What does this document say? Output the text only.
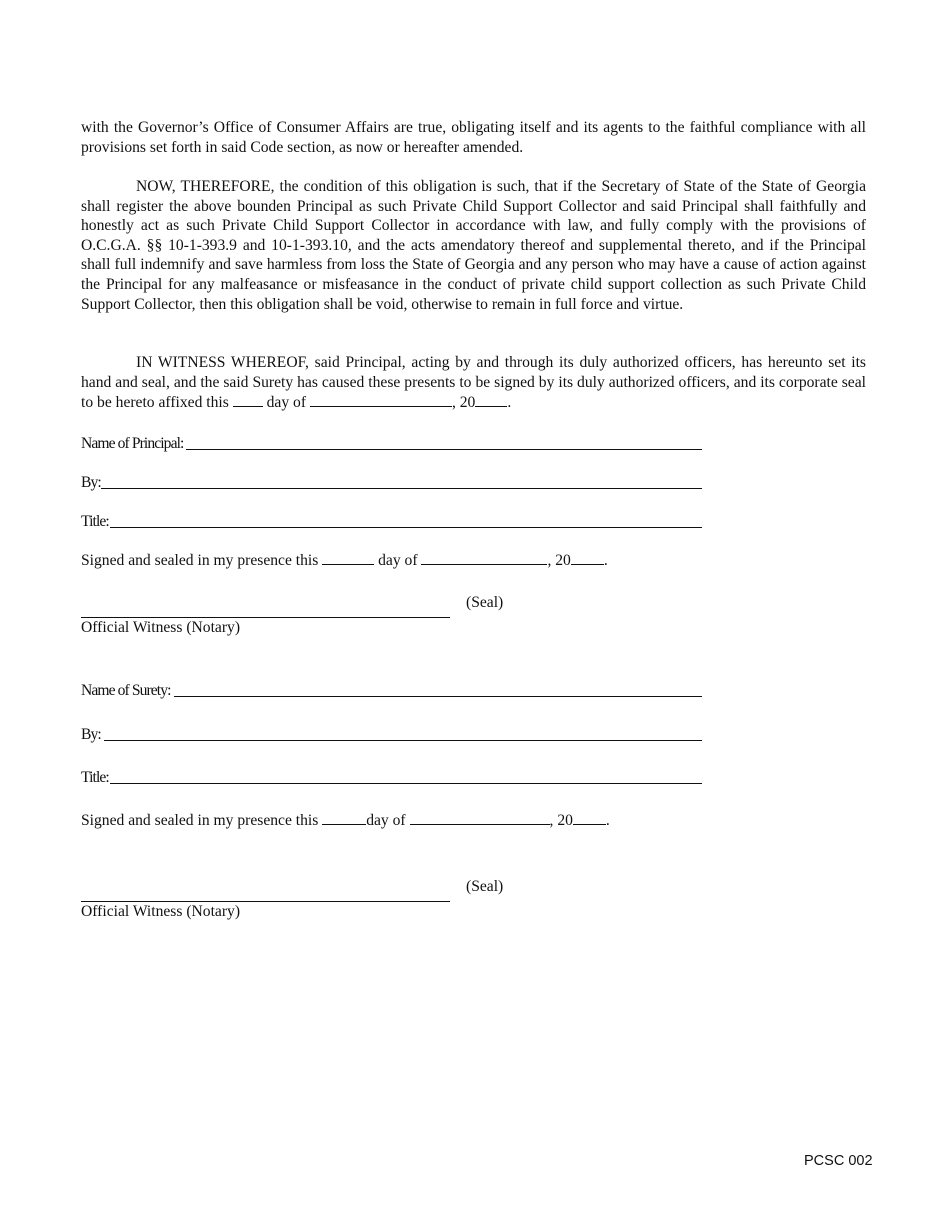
with the Governor’s Office of Consumer Affairs are true, obligating itself and its agents to the faithful compliance with all provisions set forth in said Code section, as now or hereafter amended.

NOW, THEREFORE, the condition of this obligation is such, that if the Secretary of State of the State of Georgia shall register the above bounden Principal as such Private Child Support Collector and said Principal shall faithfully and honestly act as such Private Child Support Collector in accordance with law, and fully comply with the provisions of O.C.G.A. §§ 10-1-393.9 and 10-1-393.10, and the acts amendatory thereof and supplemental thereto, and if the Principal shall full indemnify and save harmless from loss the State of Georgia and any person who may have a cause of action against the Principal for any malfeasance or misfeasance in the conduct of private child support collection as such Private Child Support Collector, then this obligation shall be void, otherwise to remain in full force and virtue.

IN WITNESS WHEREOF, said Principal, acting by and through its duly authorized officers, has hereunto set its hand and seal, and the said Surety has caused these presents to be signed by its duly authorized officers, and its corporate seal to be hereto affixed this day of	, 20 .

Name of Principal:
By:
Title:
Signed and sealed in my presence this	day of	, 20 .
(Seal)
Official Witness (Notary)
Name of Surety:
By:
Title:
Signed and sealed in my presence this	day of	, 20 .
(Seal)
Official Witness (Notary)
PCSC 002
